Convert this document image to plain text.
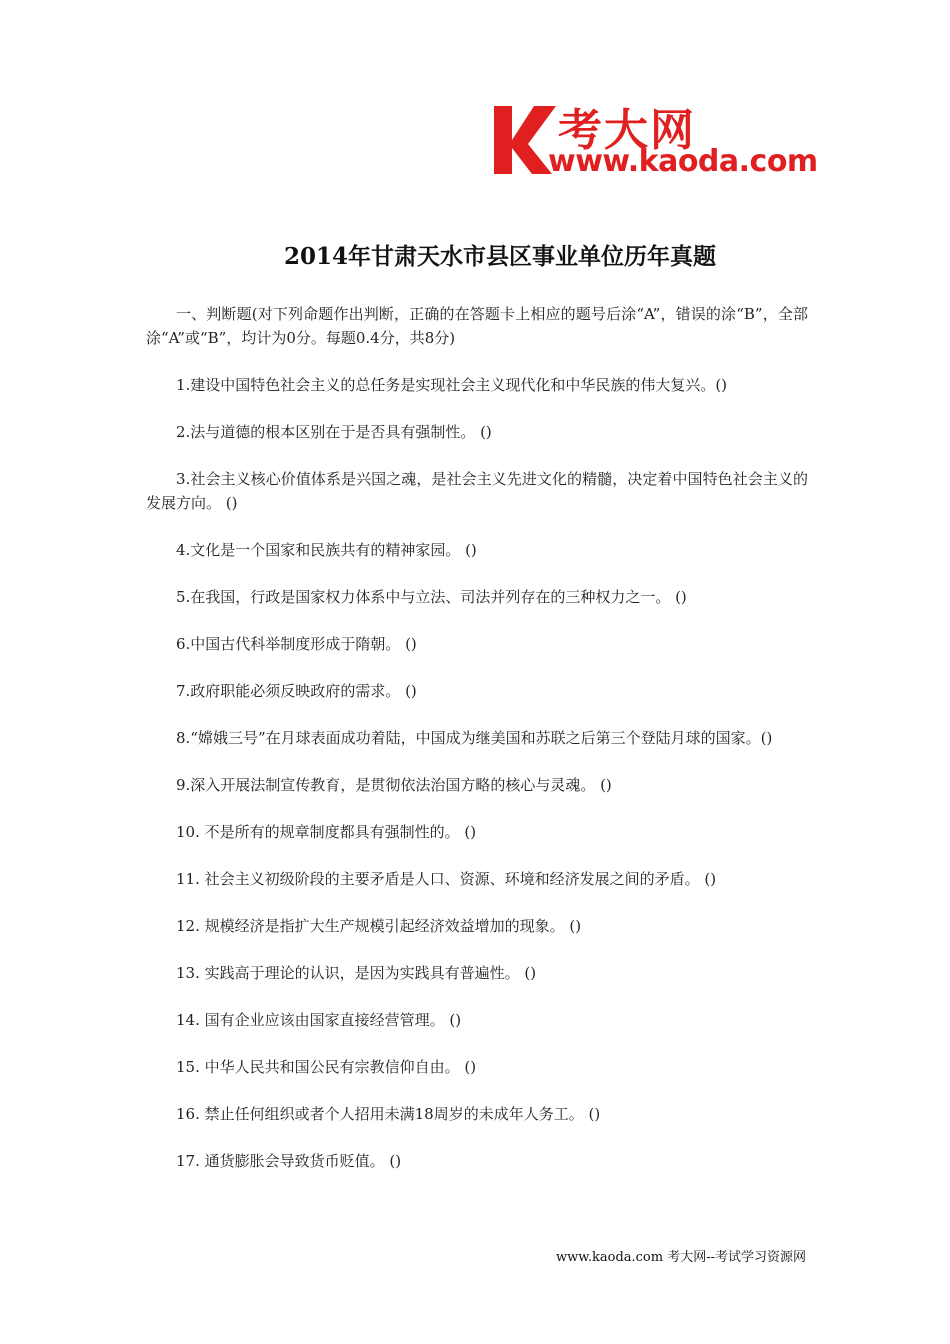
考大网
www.kaoda.com
2014年甘肃天水市县区事业单位历年真题

一、判断题(对下列命题作出判断，正确的在答题卡上相应的题号后涂“A”，错误的涂“B”，全部涂“A”或“B”，均计为0分。每题0.4分，共8分)

1.建设中国特色社会主义的总任务是实现社会主义现代化和中华民族的伟大复兴。()

2.法与道德的根本区别在于是否具有强制性。 ()

3.社会主义核心价值体系是兴国之魂，是社会主义先进文化的精髓，决定着中国特色社会主义的发展方向。 ()

4.文化是一个国家和民族共有的精神家园。 ()

5.在我国，行政是国家权力体系中与立法、司法并列存在的三种权力之一。 ()

6.中国古代科举制度形成于隋朝。 ()

7.政府职能必须反映政府的需求。 ()

8.“嫦娥三号”在月球表面成功着陆，中国成为继美国和苏联之后第三个登陆月球的国家。()

9.深入开展法制宣传教育，是贯彻依法治国方略的核心与灵魂。 ()

10. 不是所有的规章制度都具有强制性的。 ()

11. 社会主义初级阶段的主要矛盾是人口、资源、环境和经济发展之间的矛盾。 ()

12. 规模经济是指扩大生产规模引起经济效益增加的现象。 ()

13. 实践高于理论的认识，是因为实践具有普遍性。 ()

14. 国有企业应该由国家直接经营管理。 ()

15. 中华人民共和国公民有宗教信仰自由。 ()

16. 禁止任何组织或者个人招用未满18周岁的未成年人务工。 ()

17. 通货膨胀会导致货币贬值。 ()

www.kaoda.com 考大网--考试学习资源网
